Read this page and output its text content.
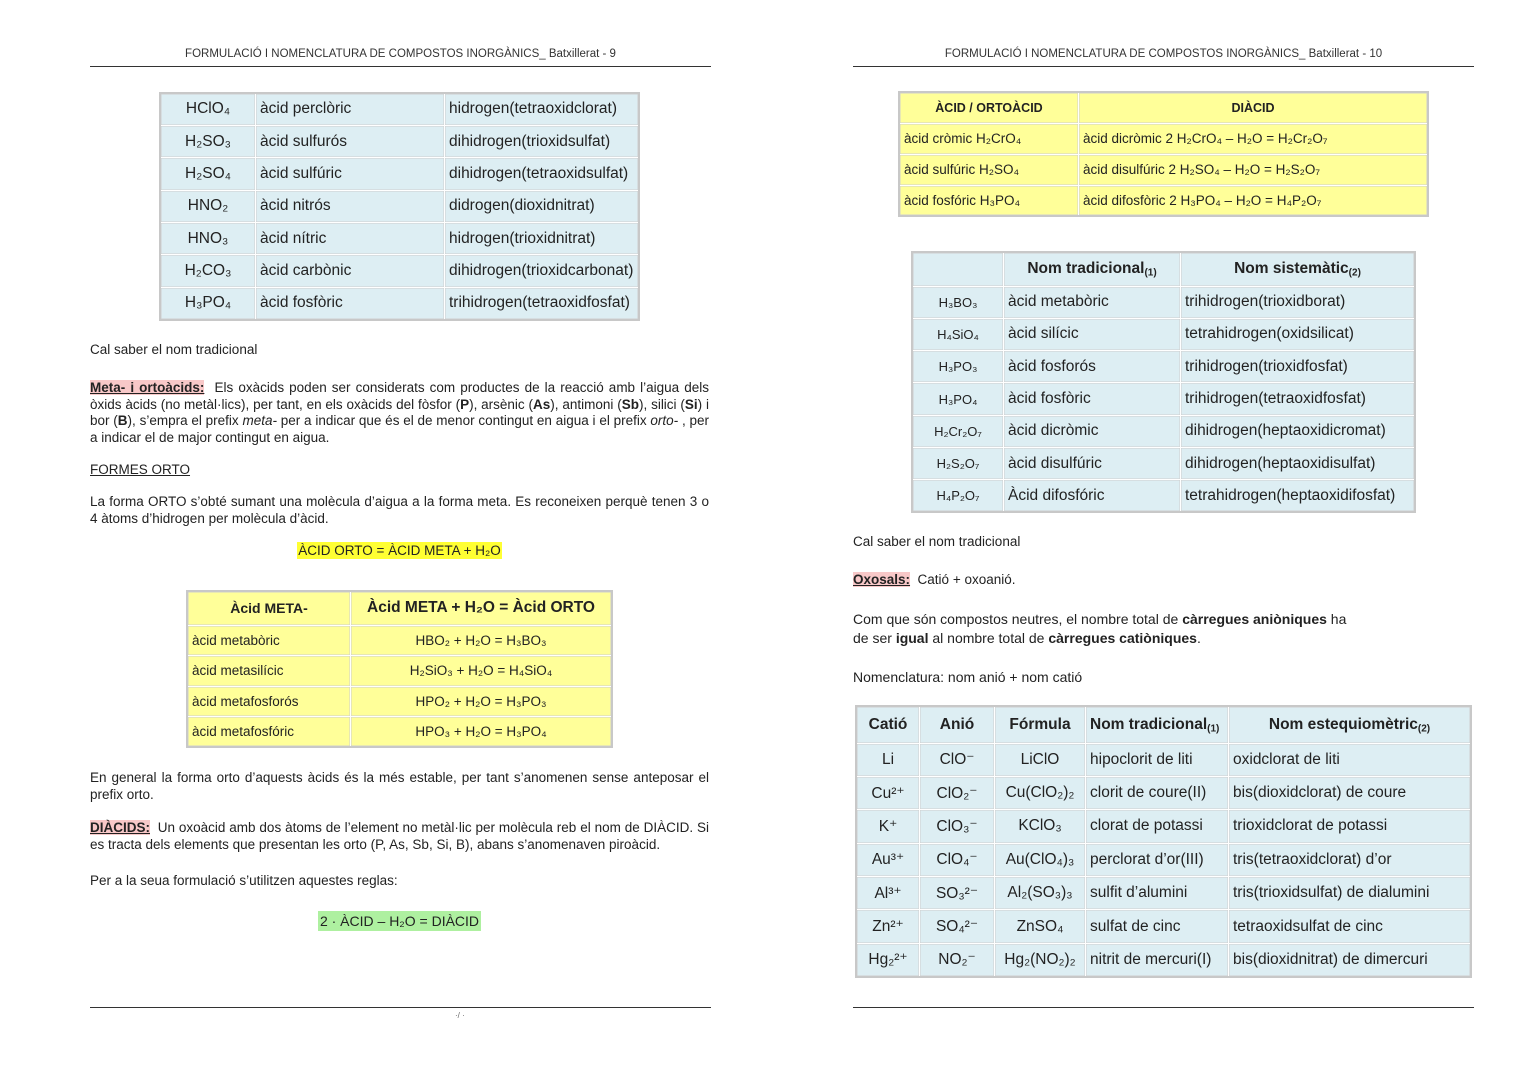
FORMULACIÓ I NOMENCLATURA DE COMPOSTOS INORGÀNICS_ Batxillerat - 9
HClO₄	àcid perclòric	hidrogen(tetraoxidclorat)
H₂SO₃	àcid sulfurós	dihidrogen(trioxidsulfat)
H₂SO₄	àcid sulfúric	dihidrogen(tetraoxidsulfat)
HNO₂	àcid nitrós	didrogen(dioxidnitrat)
HNO₃	àcid nítric	hidrogen(trioxidnitrat)
H₂CO₃	àcid carbònic	dihidrogen(trioxidcarbonat)
H₃PO₄	àcid fosfòric	trihidrogen(tetraoxidfosfat)
Cal saber el nom tradicional
Meta- i ortoàcids: Els oxàcids poden ser considerats com productes de la reacció amb l’aigua dels òxids àcids (no metàl·lics), per tant, en els oxàcids del fòsfor (P), arsènic (As), antimoni (Sb), silici (Si) i bor (B), s’empra el prefix meta- per a indicar que és el de menor contingut en aigua i el prefix orto- , per a indicar el de major contingut en aigua.
FORMES ORTO
La forma ORTO s’obté sumant una molècula d’aigua a la forma meta. Es reconeixen perquè tenen 3 o 4 àtoms d’hidrogen per molècula d’àcid.
ÀCID ORTO = ÀCID META + H₂O
Àcid META-	Àcid META + H₂O = Àcid ORTO
àcid metabòric	HBO₂ + H₂O = H₃BO₃
àcid metasilícic	H₂SiO₃ + H₂O = H₄SiO₄
àcid metafosforós	HPO₂ + H₂O = H₃PO₃
àcid metafosfóric	HPO₃ + H₂O = H₃PO₄
En general la forma orto d’aquests àcids és la més estable, per tant s’anomenen sense anteposar el prefix orto.
DIÀCIDS: Un oxoàcid amb dos àtoms de l’element no metàl·lic per molècula reb el nom de DIÀCID. Si es tracta dels elements que presentan les orto (P, As, Sb, Si, B), abans s’anomenaven piroàcid.
Per a la seua formulació s’utilitzen aquestes reglas:
2 · ÀCID – H₂O = DIÀCID
·/ ·
FORMULACIÓ I NOMENCLATURA DE COMPOSTOS INORGÀNICS_ Batxillerat - 10
ÀCID / ORTOÀCID	DIÀCID
àcid cròmic H₂CrO₄	àcid dicròmic 2 H₂CrO₄ – H₂O = H₂Cr₂O₇
àcid sulfúric H₂SO₄	àcid disulfúric 2 H₂SO₄ – H₂O = H₂S₂O₇
àcid fosfóric H₃PO₄	àcid difosfòric 2 H₃PO₄ – H₂O = H₄P₂O₇
	Nom tradicional$_{(1)}$	Nom sistemàtic$_{(2)}$
H₃BO₃	àcid metabòric	trihidrogen(trioxidborat)
H₄SiO₄	àcid silícic	tetrahidrogen(oxidsilicat)
H₃PO₃	àcid fosforós	trihidrogen(trioxidfosfat)
H₃PO₄	àcid fosfòric	trihidrogen(tetraoxidfosfat)
H₂Cr₂O₇	àcid dicròmic	dihidrogen(heptaoxidicromat)
H₂S₂O₇	àcid disulfúric	dihidrogen(heptaoxidisulfat)
H₄P₂O₇	Àcid difosfóric	tetrahidrogen(heptaoxidifosfat)
Cal saber el nom tradicional
Oxosals: Catió + oxoanió.
Com que són compostos neutres, el nombre total de càrregues aniòniques ha
de ser igual al nombre total de càrregues catiòniques.
Nomenclatura: nom anió + nom catió
Catió	Anió	Fórmula	Nom tradicional$_{(1)}$	Nom estequiomètric$_{(2)}$
Li	ClO⁻	LiClO	hipoclorit de liti	oxidclorat de liti
Cu²⁺	ClO₂⁻	Cu(ClO₂)₂	clorit de coure(II)	bis(dioxidclorat) de coure
K⁺	ClO₃⁻	KClO₃	clorat de potassi	trioxidclorat de potassi
Au³⁺	ClO₄⁻	Au(ClO₄)₃	perclorat d’or(III)	tris(tetraoxidclorat) d’or
Al³⁺	SO₃²⁻	Al₂(SO₃)₃	sulfit d’alumini	tris(trioxidsulfat) de dialumini
Zn²⁺	SO₄²⁻	ZnSO₄	sulfat de cinc	tetraoxidsulfat de cinc
Hg₂²⁺	NO₂⁻	Hg₂(NO₂)₂	nitrit de mercuri(I)	bis(dioxidnitrat) de dimercuri
